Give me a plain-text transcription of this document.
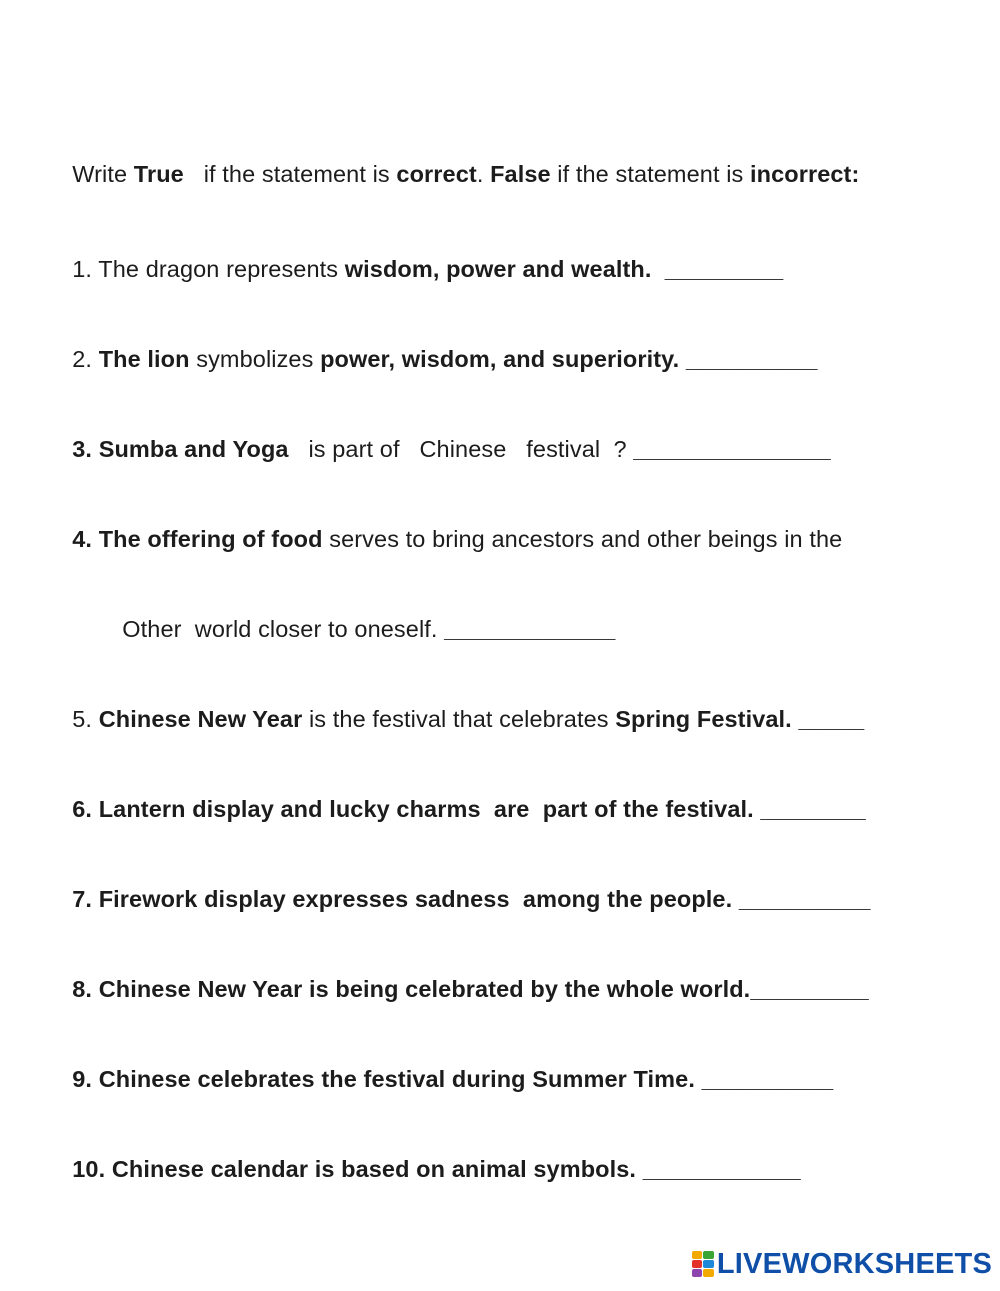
Write True   if the statement is correct. False if the statement is incorrect:

1. The dragon represents wisdom, power and wealth.  _________

2. The lion symbolizes power, wisdom, and superiority. __________

3. Sumba and Yoga   is part of   Chinese   festival  ? _______________

4. The offering of food serves to bring ancestors and other beings in the

Other  world closer to oneself. _____________

5. Chinese New Year is the festival that celebrates Spring Festival. _____

6. Lantern display and lucky charms  are  part of the festival. ________

7. Firework display expresses sadness  among the people. __________

8. Chinese New Year is being celebrated by the whole world._________

9. Chinese celebrates the festival during Summer Time. __________

10. Chinese calendar is based on animal symbols. ____________

LIVEWORKSHEETS
